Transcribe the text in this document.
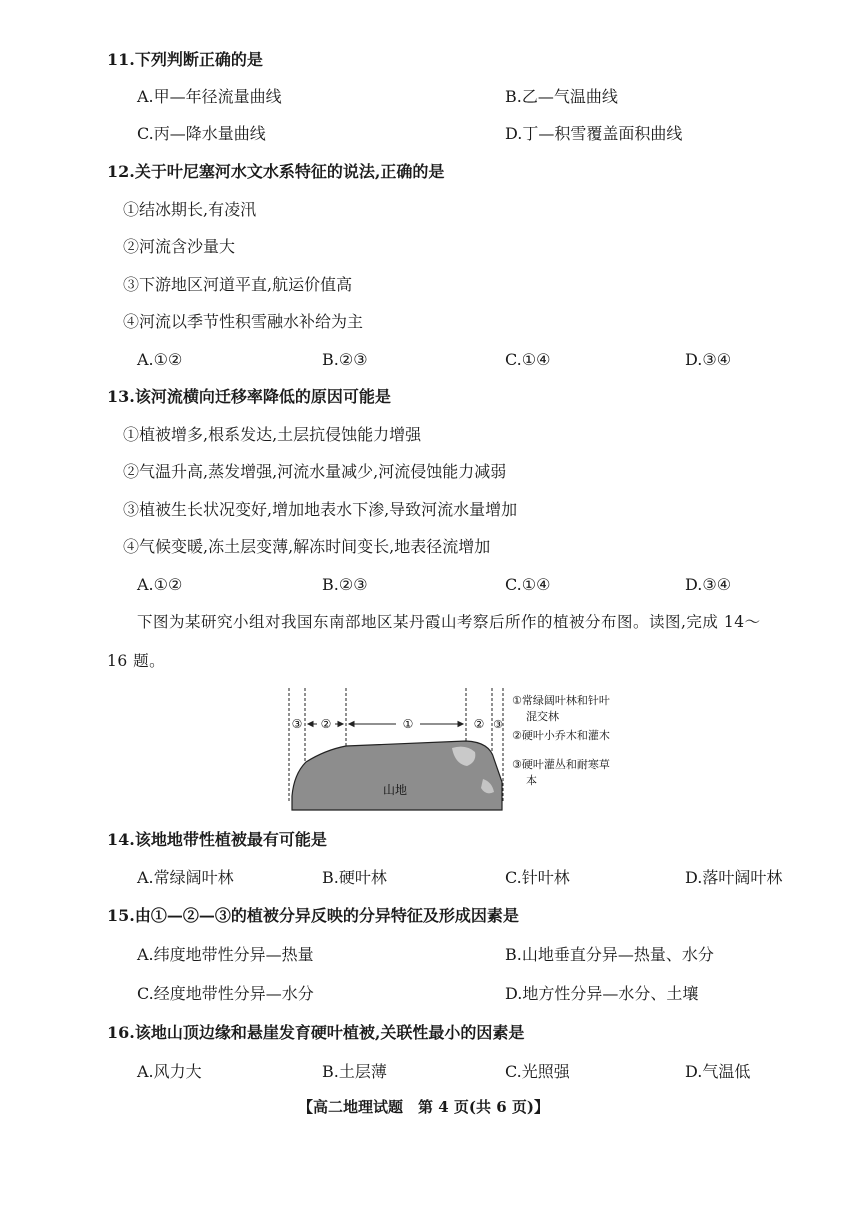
11.下列判断正确的是
A.甲—年径流量曲线	B.乙—气温曲线
C.丙—降水量曲线	D.丁—积雪覆盖面积曲线
12.关于叶尼塞河水文水系特征的说法,正确的是
①结冰期长,有凌汛
②河流含沙量大
③下游地区河道平直,航运价值高
④河流以季节性积雪融水补给为主
A.①②	B.②③	C.①④	D.③④
13.该河流横向迁移率降低的原因可能是
①植被增多,根系发达,土层抗侵蚀能力增强
②气温升高,蒸发增强,河流水量减少,河流侵蚀能力减弱
③植被生长状况变好,增加地表水下渗,导致河流水量增加
④气候变暖,冻土层变薄,解冻时间变长,地表径流增加
A.①②	B.②③	C.①④	D.③④
下图为某研究小组对我国东南部地区某丹霞山考察后所作的植被分布图。读图,完成 14～
16 题。
③ ②	①	② ③
山地
①常绿阔叶林和针叶
混交林
②硬叶小乔木和灌木
③硬叶灌丛和耐寒草
本
14.该地地带性植被最有可能是
A.常绿阔叶林	B.硬叶林	C.针叶林	D.落叶阔叶林
15.由①—②—③的植被分异反映的分异特征及形成因素是
A.纬度地带性分异—热量	B.山地垂直分异—热量、水分
C.经度地带性分异—水分	D.地方性分异—水分、土壤
16.该地山顶边缘和悬崖发育硬叶植被,关联性最小的因素是
A.风力大	B.土层薄	C.光照强	D.气温低
【高二地理试题　第 4 页(共 6 页)】
